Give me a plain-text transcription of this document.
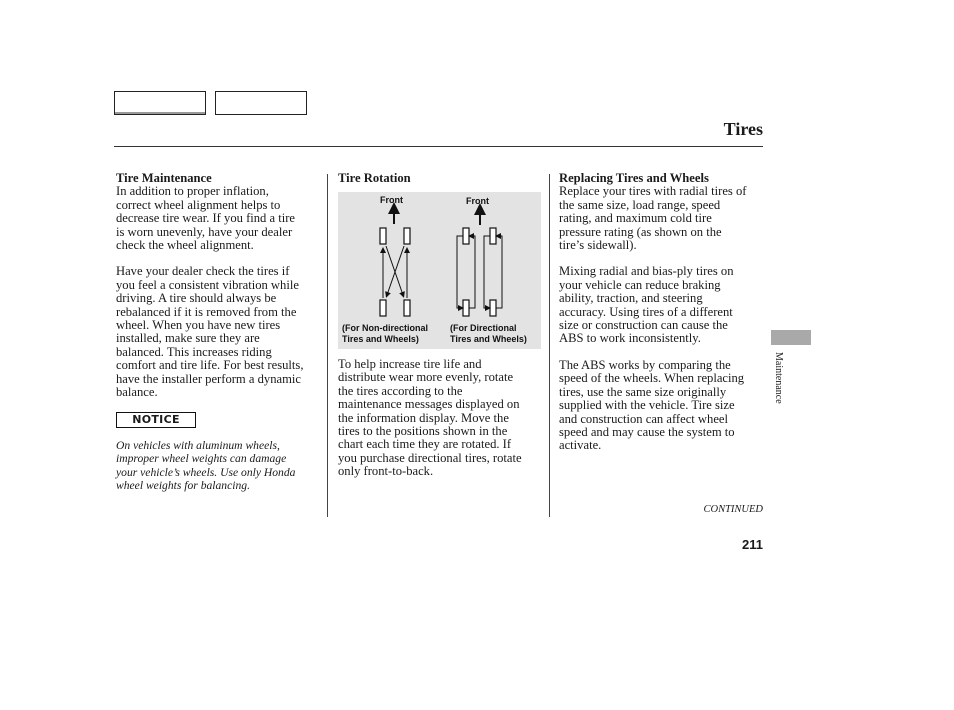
Tires
Tire Maintenance

In addition to proper inflation,
correct wheel alignment helps to
decrease tire wear. If you find a tire
is worn unevenly, have your dealer
check the wheel alignment.

Have your dealer check the tires if
you feel a consistent vibration while
driving. A tire should always be
rebalanced if it is removed from the
wheel. When you have new tires
installed, make sure they are
balanced. This increases riding
comfort and tire life. For best results,
have the installer perform a dynamic
balance.

NOTICE
On vehicles with aluminum wheels,
improper wheel weights can damage
your vehicle’s wheels. Use only Honda
wheel weights for balancing.
Tire Rotation
Front	Front
(For Non-directional
Tires and Wheels)
(For Directional
Tires and Wheels)
To help increase tire life and
distribute wear more evenly, rotate
the tires according to the
maintenance messages displayed on
the information display. Move the
tires to the positions shown in the
chart each time they are rotated. If
you purchase directional tires, rotate
only front-to-back.
Replacing Tires and Wheels

Replace your tires with radial tires of
the same size, load range, speed
rating, and maximum cold tire
pressure rating (as shown on the
tire’s sidewall).

Mixing radial and bias-ply tires on
your vehicle can reduce braking
ability, traction, and steering
accuracy. Using tires of a different
size or construction can cause the
ABS to work inconsistently.

The ABS works by comparing the
speed of the wheels. When replacing
tires, use the same size originally
supplied with the vehicle. Tire size
and construction can affect wheel
speed and may cause the system to
activate.

Maintenance
CONTINUED
211
